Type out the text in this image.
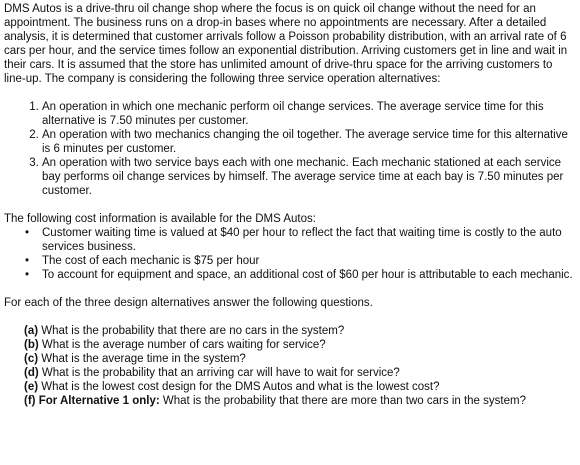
DMS Autos is a drive-thru oil change shop where the focus is on quick oil change without the need for an appointment. The business runs on a drop-in bases where no appointments are necessary. After a detailed analysis, it is determined that customer arrivals follow a Poisson probability distribution, with an arrival rate of 6 cars per hour, and the service times follow an exponential distribution. Arriving customers get in line and wait in their cars. It is assumed that the store has unlimited amount of drive-thru space for the arriving customers to line-up. The company is considering the following three service operation alternatives:

1. An operation in which one mechanic perform oil change services. The average service time for this alternative is 7.50 minutes per customer.
2. An operation with two mechanics changing the oil together. The average service time for this alternative is 6 minutes per customer.
3. An operation with two service bays each with one mechanic. Each mechanic stationed at each service bay performs oil change services by himself. The average service time at each bay is 7.50 minutes per customer.

The following cost information is available for the DMS Autos:

• Customer waiting time is valued at $40 per hour to reflect the fact that waiting time is costly to the auto services business.
• The cost of each mechanic is $75 per hour
• To account for equipment and space, an additional cost of $60 per hour is attributable to each mechanic.

For each of the three design alternatives answer the following questions.

(a) What is the probability that there are no cars in the system?
(b) What is the average number of cars waiting for service?
(c) What is the average time in the system?
(d) What is the probability that an arriving car will have to wait for service?
(e) What is the lowest cost design for the DMS Autos and what is the lowest cost?
(f) For Alternative 1 only: What is the probability that there are more than two cars in the system?
